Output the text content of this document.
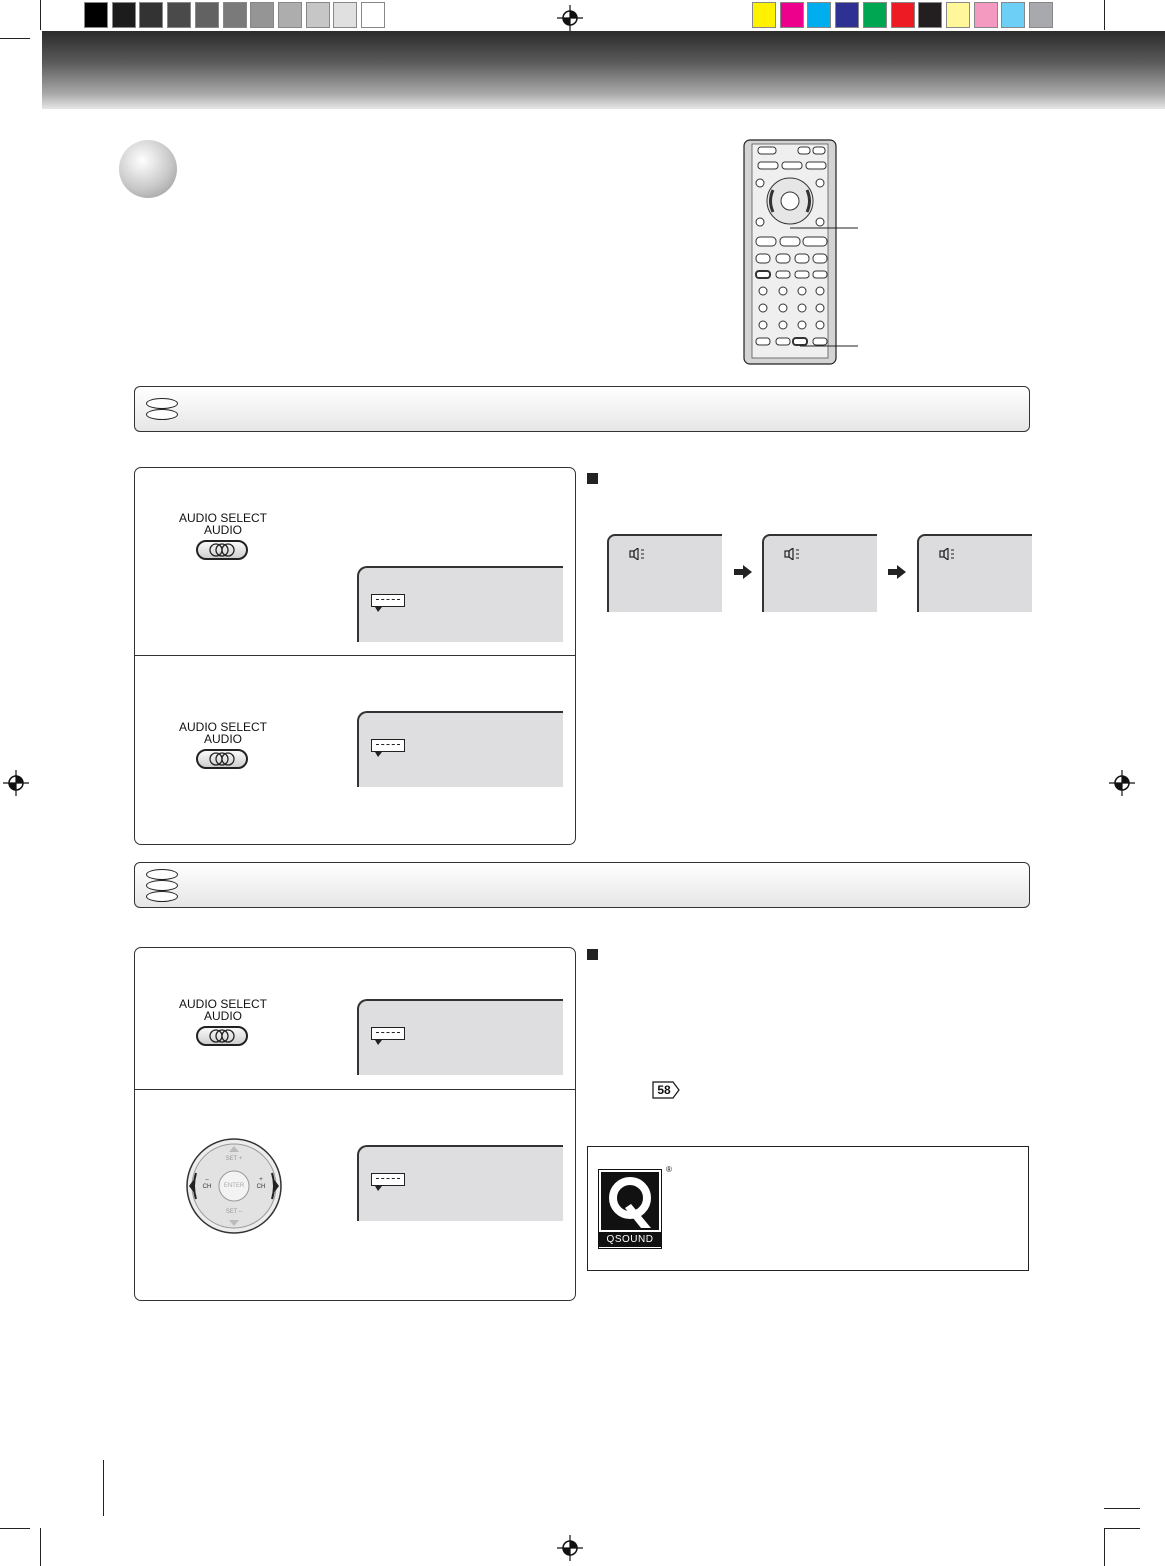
AUDIO SELECT
AUDIO
AUDIO SELECT
AUDIO
AUDIO SELECT
AUDIO
SET +
SET –
ENTER
–
CH
+
CH
58
QSOUND
®
